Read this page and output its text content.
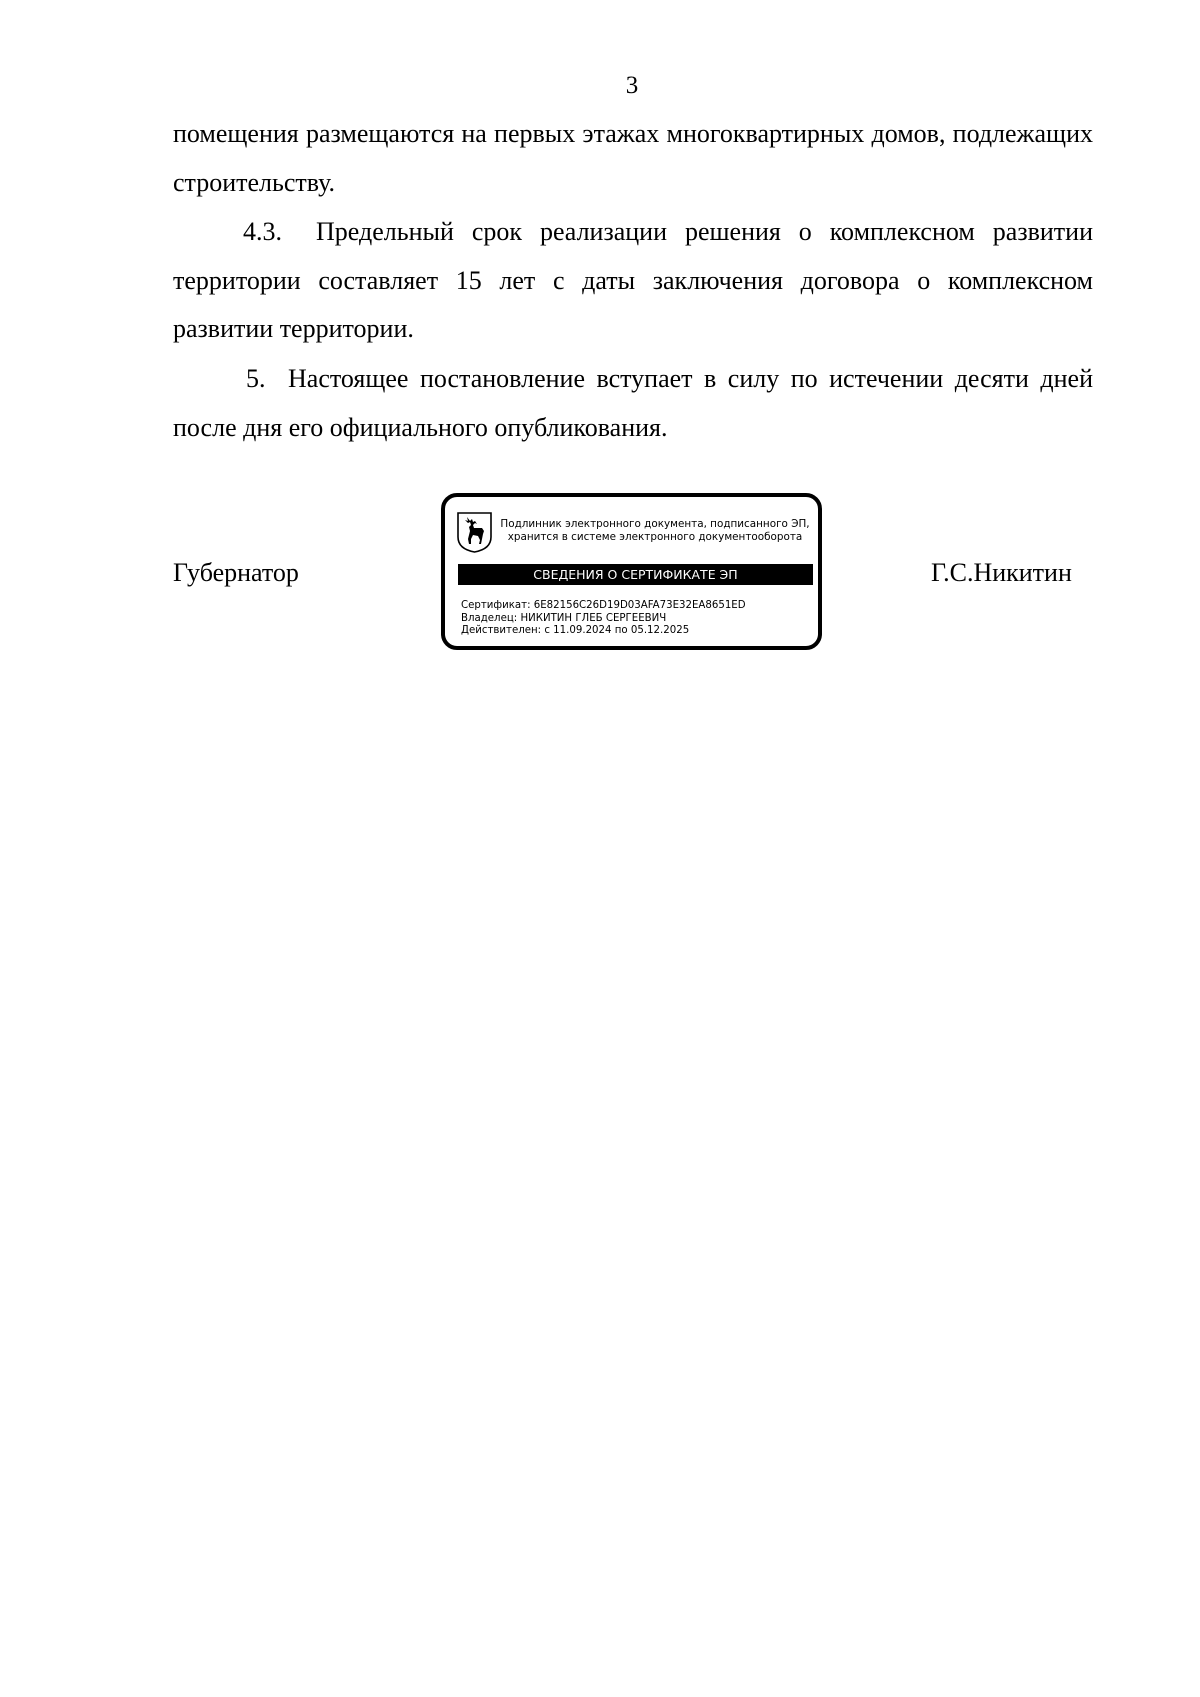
3
помещения размещаются на первых этажах многоквартирных домов, подлежащих строительству.
4.3. Предельный срок реализации решения о комплексном развитии территории составляет 15 лет с даты заключения договора о комплексном развитии территории.
5. Настоящее постановление вступает в силу по истечении десяти дней после дня его официального опубликования.
Губернатор
Подлинник электронного документа, подписанного ЭП,
хранится в системе электронного документооборота
СВЕДЕНИЯ О СЕРТИФИКАТЕ ЭП
Сертификат: 6E82156C26D19D03AFA73E32EA8651ED
Владелец: НИКИТИН ГЛЕБ СЕРГЕЕВИЧ
Действителен: с 11.09.2024 по 05.12.2025
Г.С.Никитин
